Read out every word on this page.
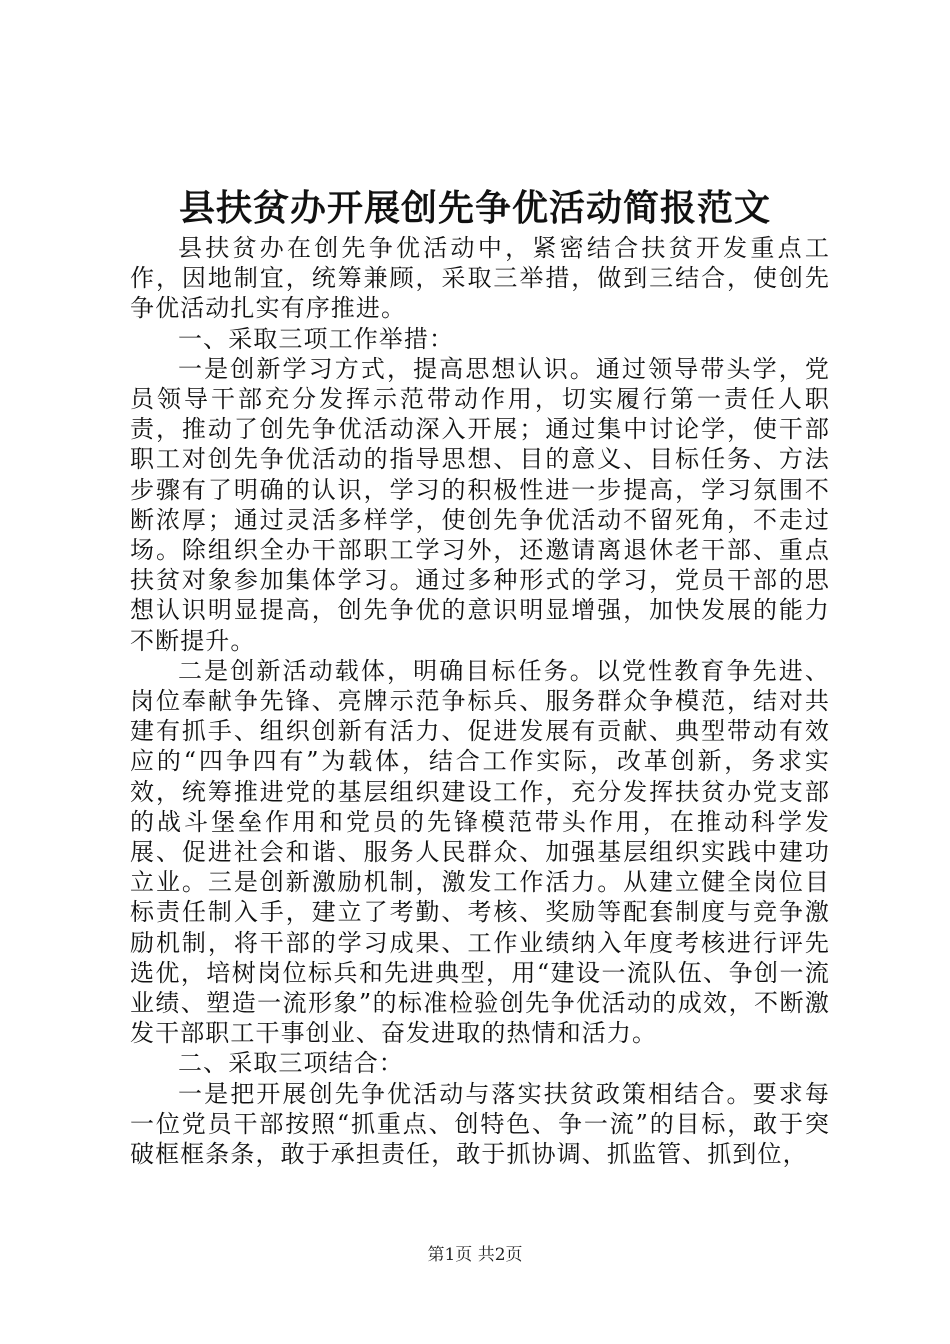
县扶贫办开展创先争优活动简报范文

县扶贫办在创先争优活动中，紧密结合扶贫开发重点工作，因地制宜，统筹兼顾，采取三举措，做到三结合，使创先争优活动扎实有序推进。

一、采取三项工作举措：

一是创新学习方式，提高思想认识。通过领导带头学，党员领导干部充分发挥示范带动作用，切实履行第一责任人职责，推动了创先争优活动深入开展；通过集中讨论学，使干部职工对创先争优活动的指导思想、目的意义、目标任务、方法步骤有了明确的认识，学习的积极性进一步提高，学习氛围不断浓厚；通过灵活多样学，使创先争优活动不留死角，不走过场。除组织全办干部职工学习外，还邀请离退休老干部、重点扶贫对象参加集体学习。通过多种形式的学习，党员干部的思想认识明显提高，创先争优的意识明显增强，加快发展的能力不断提升。

二是创新活动载体，明确目标任务。以党性教育争先进、岗位奉献争先锋、亮牌示范争标兵、服务群众争模范，结对共建有抓手、组织创新有活力、促进发展有贡献、典型带动有效应的“四争四有”为载体，结合工作实际，改革创新，务求实效，统筹推进党的基层组织建设工作，充分发挥扶贫办党支部的战斗堡垒作用和党员的先锋模范带头作用，在推动科学发展、促进社会和谐、服务人民群众、加强基层组织实践中建功立业。三是创新激励机制，激发工作活力。从建立健全岗位目标责任制入手，建立了考勤、考核、奖励等配套制度与竞争激励机制，将干部的学习成果、工作业绩纳入年度考核进行评先选优，培树岗位标兵和先进典型，用“建设一流队伍、争创一流业绩、塑造一流形象”的标准检验创先争优活动的成效，不断激发干部职工干事创业、奋发进取的热情和活力。

二、采取三项结合：

一是把开展创先争优活动与落实扶贫政策相结合。要求每一位党员干部按照“抓重点、创特色、争一流”的目标，敢于突破框框条条，敢于承担责任，敢于抓协调、抓监管、抓到位，

第1页 共2页
